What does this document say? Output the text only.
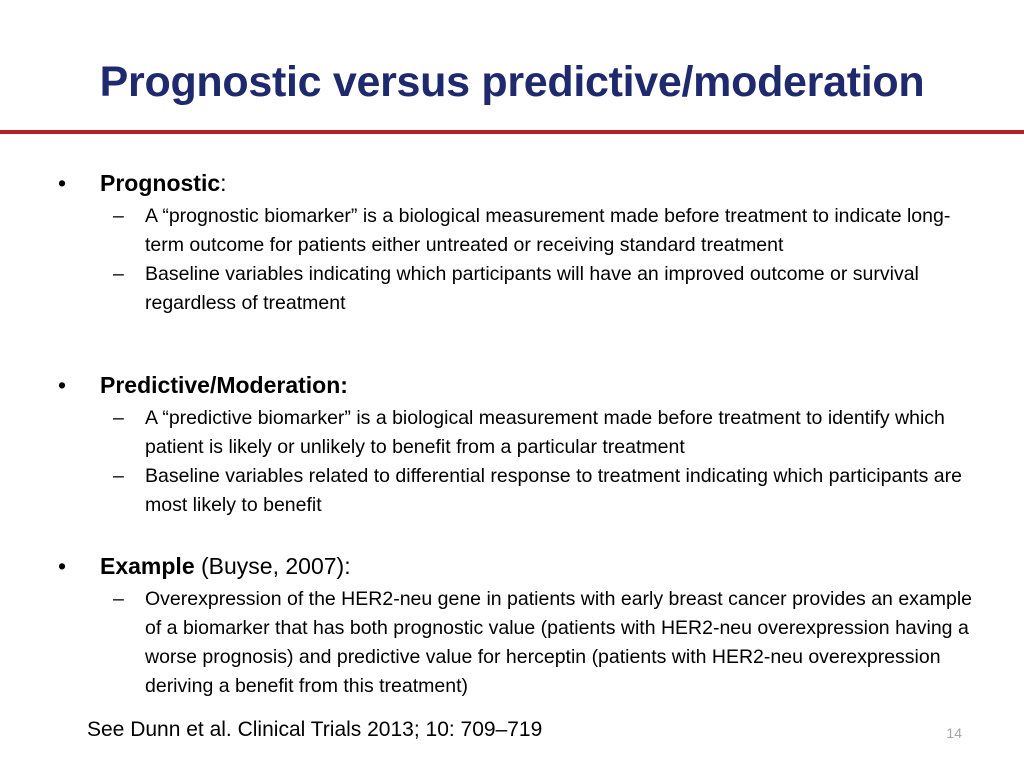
Prognostic versus predictive/moderation
• Prognostic:
– A “prognostic biomarker” is a biological measurement made before treatment to indicate long-term outcome for patients either untreated or receiving standard treatment
– Baseline variables indicating which participants will have an improved outcome or survival regardless of treatment
• Predictive/Moderation:
– A “predictive biomarker” is a biological measurement made before treatment to identify which patient is likely or unlikely to benefit from a particular treatment
– Baseline variables related to differential response to treatment indicating which participants are most likely to benefit
• Example (Buyse, 2007):
– Overexpression of the HER2-neu gene in patients with early breast cancer provides an example of a biomarker that has both prognostic value (patients with HER2-neu overexpression having a worse prognosis) and predictive value for herceptin (patients with HER2-neu overexpression deriving a benefit from this treatment)

See Dunn et al. Clinical Trials 2013; 10: 709–719	14
